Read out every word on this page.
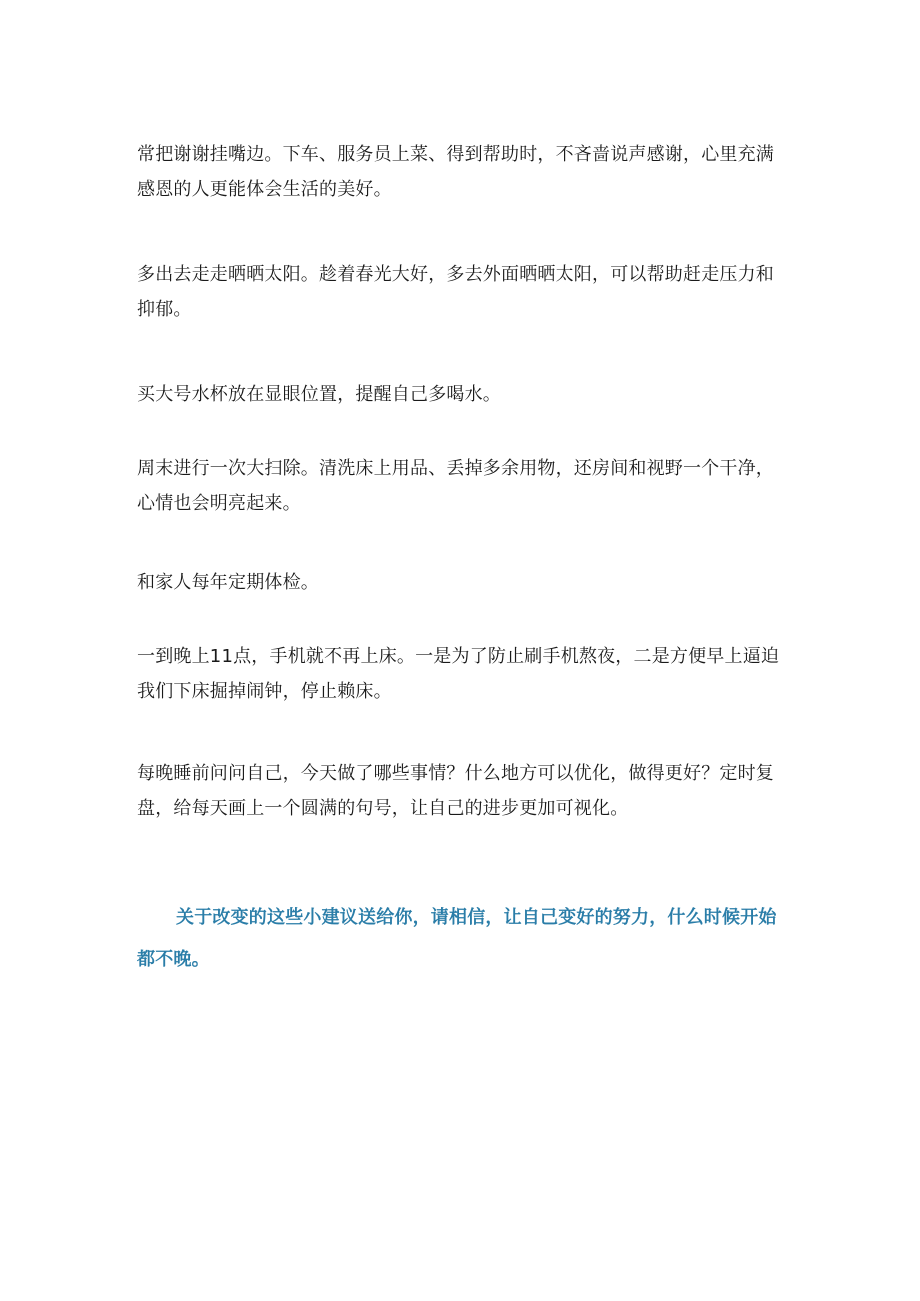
常把谢谢挂嘴边。下车、服务员上菜、得到帮助时，不吝啬说声感谢，心里充满感恩的人更能体会生活的美好。

多出去走走晒晒太阳。趁着春光大好，多去外面晒晒太阳，可以帮助赶走压力和抑郁。

买大号水杯放在显眼位置，提醒自己多喝水。

周末进行一次大扫除。清洗床上用品、丢掉多余用物，还房间和视野一个干净，心情也会明亮起来。

和家人每年定期体检。

一到晚上11点，手机就不再上床。一是为了防止刷手机熬夜，二是方便早上逼迫我们下床掘掉闹钟，停止赖床。

每晚睡前问问自己，今天做了哪些事情？什么地方可以优化，做得更好？定时复盘，给每天画上一个圆满的句号，让自己的进步更加可视化。

关于改变的这些小建议送给你，请相信，让自己变好的努力，什么时候开始都不晚。
